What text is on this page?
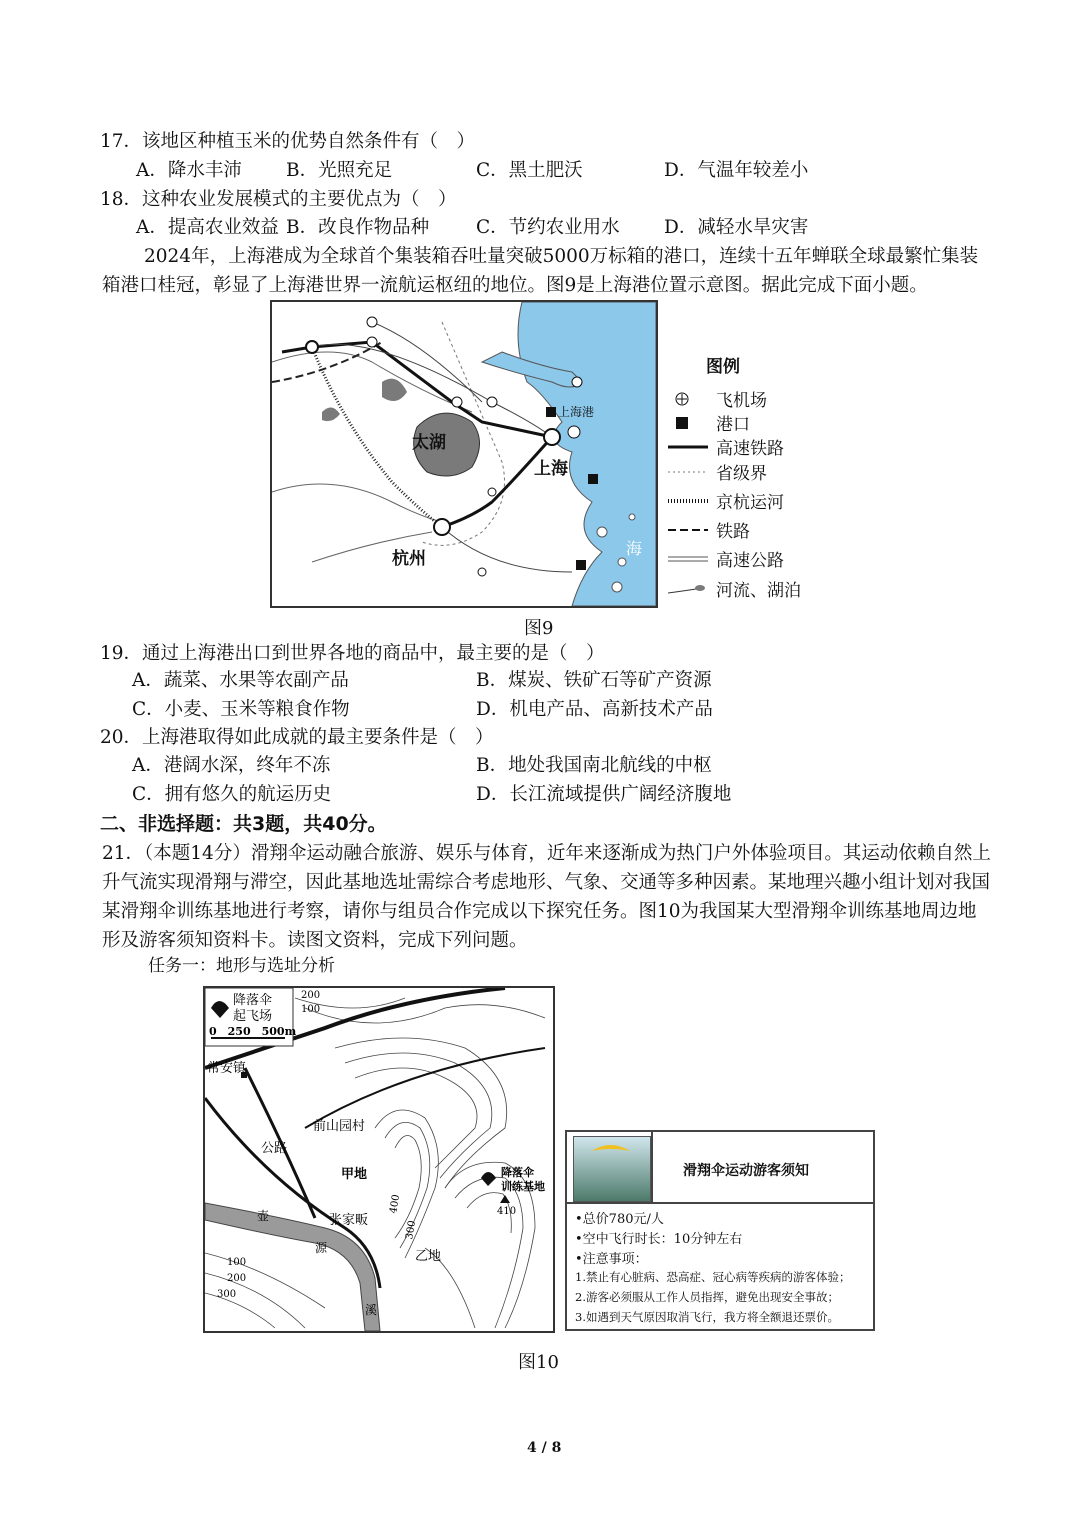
17．该地区种植玉米的优势自然条件有（　）
A．降水丰沛 B．光照充足	C．黑土肥沃	D．气温年较差小
18．这种农业发展模式的主要优点为（　）
A．提高农业效益 B．改良作物品种	C．节约农业用水 D．减轻水旱灾害
2024年，上海港成为全球首个集装箱吞吐量突破5000万标箱的港口，连续十五年蝉联全球最繁忙集装箱港口桂冠，彰显了上海港世界一流航运枢纽的地位。图9是上海港位置示意图。据此完成下面小题。
太湖
上海
上海港
杭州
东 海
图例
飞机场
港口
高速铁路
省级界
京杭运河
铁路
高速公路
河流、湖泊
图9
19．通过上海港出口到世界各地的商品中，最主要的是（　）
A．蔬菜、水果等农副产品	B．煤炭、铁矿石等矿产资源
C．小麦、玉米等粮食作物	D．机电产品、高新技术产品
20．上海港取得如此成就的最主要条件是（　）
A．港阔水深，终年不冻	B．地处我国南北航线的中枢
C．拥有悠久的航运历史	D．长江流域提供广阔经济腹地
二、非选择题：共3题，共40分。
21．（本题14分）滑翔伞运动融合旅游、娱乐与体育，近年来逐渐成为热门户外体验项目。其运动依赖自然上升气流实现滑翔与滞空，因此基地选址需综合考虑地形、气象、交通等多种因素。某地理兴趣小组计划对我国某滑翔伞训练基地进行考察，请你与组员合作完成以下探究任务。图10为我国某大型滑翔伞训练基地周边地形及游客须知资料卡。读图文资料，完成下列问题。
任务一：地形与选址分析
降落伞
起飞场
0　250　500m
常安镇
前山园村
公路
甲地
张家畈
乙地
降落伞
训练基地
410
壶
源
溪
200
100
400
300
100
200
300
滑翔伞运动游客须知
•总价780元/人
•空中飞行时长：10分钟左右
•注意事项：
1.禁止有心脏病、恐高症、冠心病等疾病的游客体验；
2.游客必须服从工作人员指挥，避免出现安全事故；
3.如遇到天气原因取消飞行，我方将全额退还票价。
图10
4 / 8
